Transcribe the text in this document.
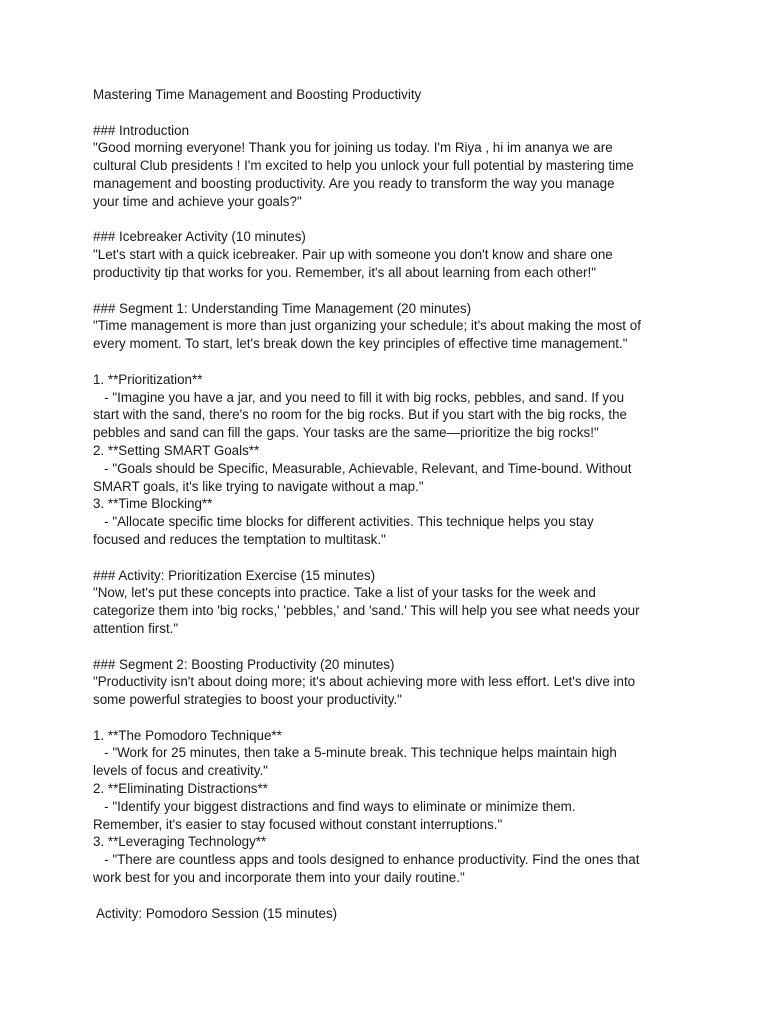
Mastering Time Management and Boosting Productivity
### Introduction
"Good morning everyone! Thank you for joining us today. I'm Riya , hi im ananya we are
cultural Club presidents ! I'm excited to help you unlock your full potential by mastering time
management and boosting productivity. Are you ready to transform the way you manage
your time and achieve your goals?"
### Icebreaker Activity (10 minutes)
"Let's start with a quick icebreaker. Pair up with someone you don't know and share one
productivity tip that works for you. Remember, it's all about learning from each other!"
### Segment 1: Understanding Time Management (20 minutes)
"Time management is more than just organizing your schedule; it's about making the most of
every moment. To start, let's break down the key principles of effective time management."
1. **Prioritization**
- "Imagine you have a jar, and you need to fill it with big rocks, pebbles, and sand. If you
start with the sand, there's no room for the big rocks. But if you start with the big rocks, the
pebbles and sand can fill the gaps. Your tasks are the same—prioritize the big rocks!"
2. **Setting SMART Goals**
- "Goals should be Specific, Measurable, Achievable, Relevant, and Time-bound. Without
SMART goals, it's like trying to navigate without a map."
3. **Time Blocking**
- "Allocate specific time blocks for different activities. This technique helps you stay
focused and reduces the temptation to multitask."
### Activity: Prioritization Exercise (15 minutes)
"Now, let's put these concepts into practice. Take a list of your tasks for the week and
categorize them into 'big rocks,' 'pebbles,' and 'sand.' This will help you see what needs your
attention first."
### Segment 2: Boosting Productivity (20 minutes)
"Productivity isn't about doing more; it's about achieving more with less effort. Let's dive into
some powerful strategies to boost your productivity."
1. **The Pomodoro Technique**
- "Work for 25 minutes, then take a 5-minute break. This technique helps maintain high
levels of focus and creativity."
2. **Eliminating Distractions**
- "Identify your biggest distractions and find ways to eliminate or minimize them.
Remember, it's easier to stay focused without constant interruptions."
3. **Leveraging Technology**
- "There are countless apps and tools designed to enhance productivity. Find the ones that
work best for you and incorporate them into your daily routine."
Activity: Pomodoro Session (15 minutes)
